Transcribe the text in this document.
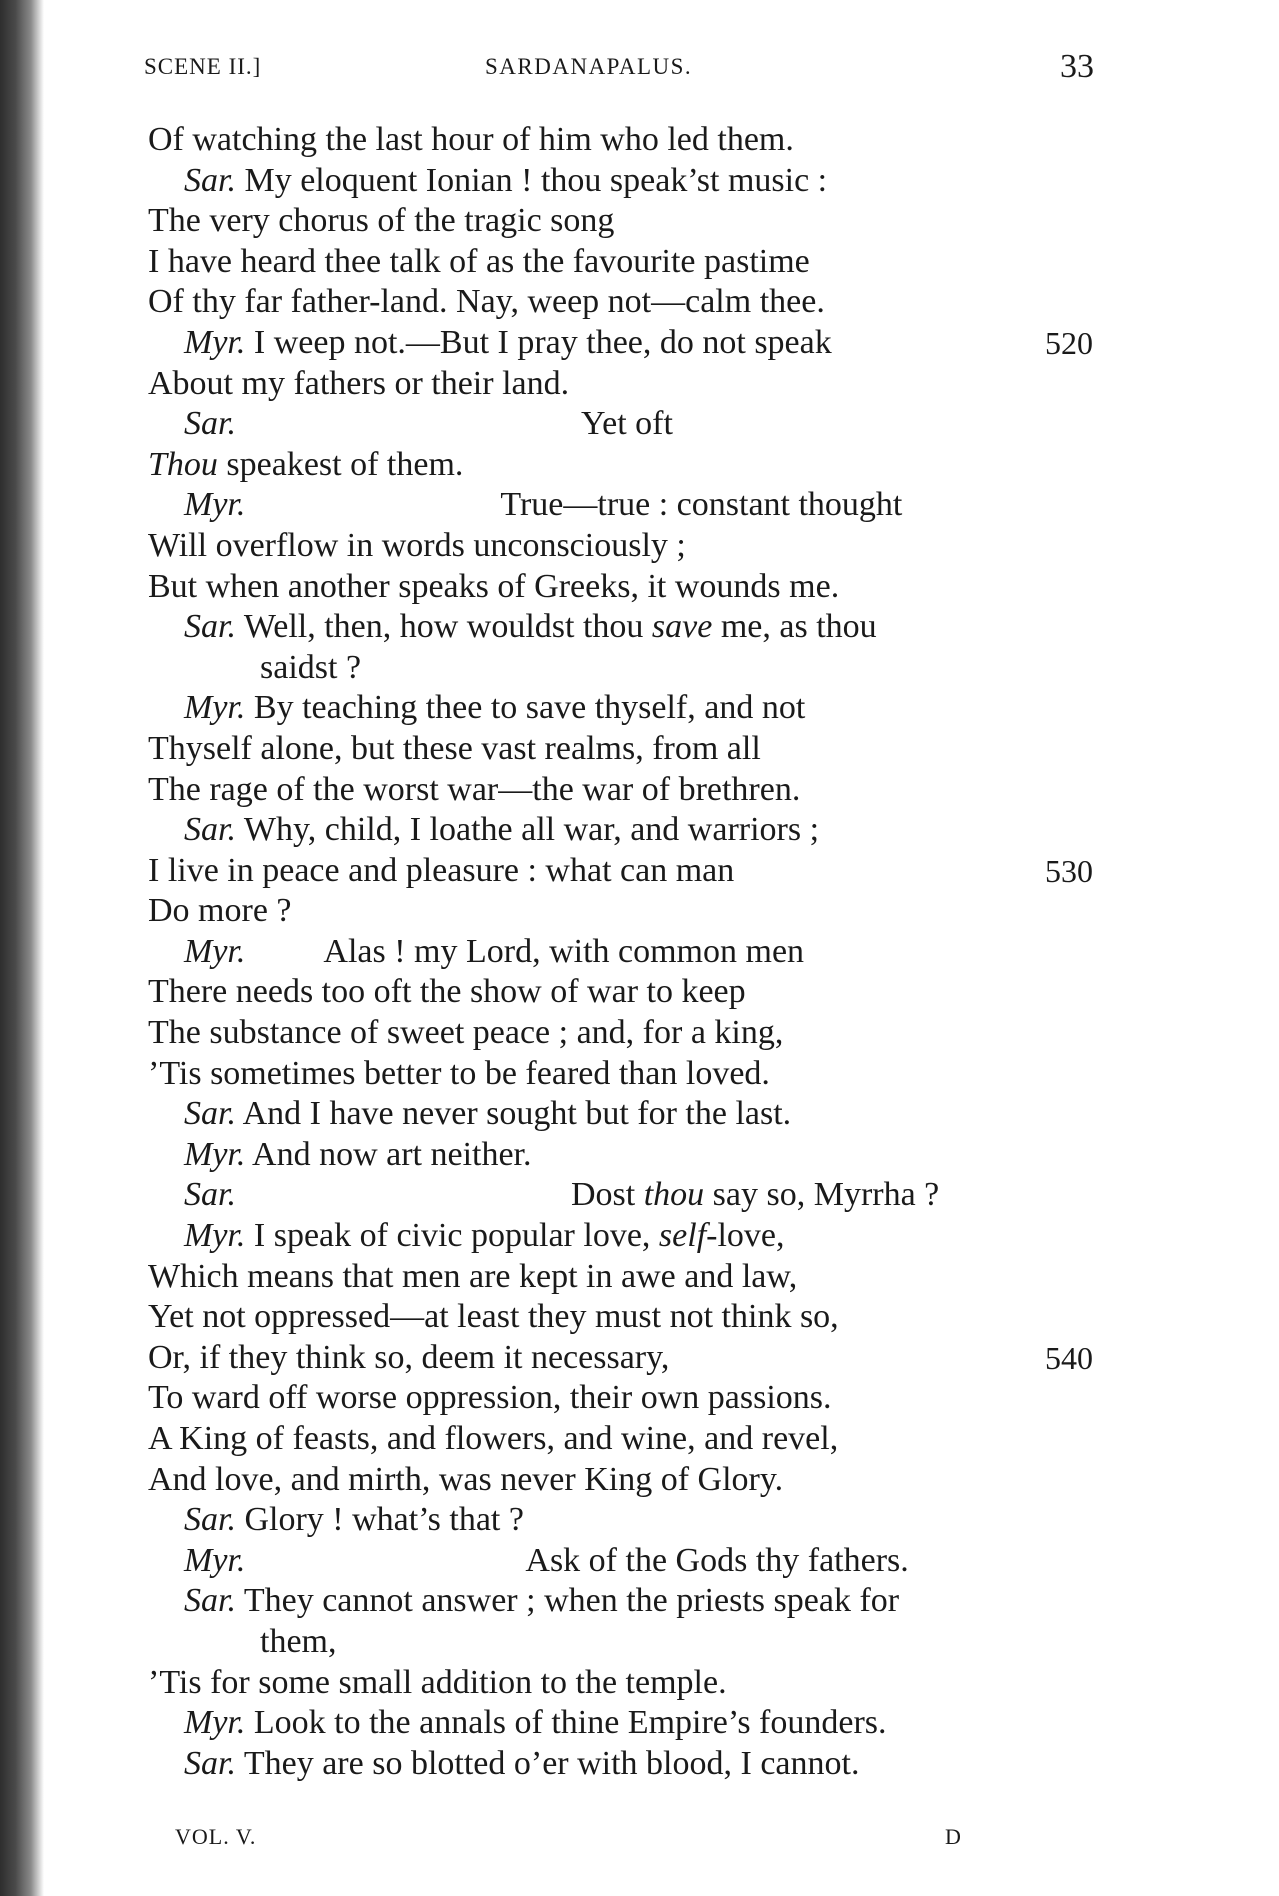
SCENE II.]	SARDANAPALUS.	33
Of watching the last hour of him who led them.
Sar. My eloquent Ionian ! thou speak’st music :
The very chorus of the tragic song
I have heard thee talk of as the favourite pastime
Of thy far father-land. Nay, weep not—calm thee.
Myr. I weep not.—But I pray thee, do not speak	520
About my fathers or their land.
Sar.	Yet oft
Thou speakest of them.
Myr.	True—true : constant thought
Will overflow in words unconsciously ;
But when another speaks of Greeks, it wounds me.
Sar. Well, then, how wouldst thou save me, as thou
saidst ?
Myr. By teaching thee to save thyself, and not
Thyself alone, but these vast realms, from all
The rage of the worst war—the war of brethren.
Sar. Why, child, I loathe all war, and warriors ;
I live in peace and pleasure : what can man	530
Do more ?
Myr. Alas ! my Lord, with common men
There needs too oft the show of war to keep
The substance of sweet peace ; and, for a king,
’Tis sometimes better to be feared than loved.
Sar. And I have never sought but for the last.
Myr. And now art neither.
Sar.	Dost thou say so, Myrrha ?
Myr. I speak of civic popular love, self-love,
Which means that men are kept in awe and law,
Yet not oppressed—at least they must not think so,
Or, if they think so, deem it necessary,	540
To ward off worse oppression, their own passions.
A King of feasts, and flowers, and wine, and revel,
And love, and mirth, was never King of Glory.
Sar. Glory ! what’s that ?
Myr.	Ask of the Gods thy fathers.
Sar. They cannot answer ; when the priests speak for
them,
’Tis for some small addition to the temple.
Myr. Look to the annals of thine Empire’s founders.
Sar. They are so blotted o’er with blood, I cannot.
VOL. V.	D
